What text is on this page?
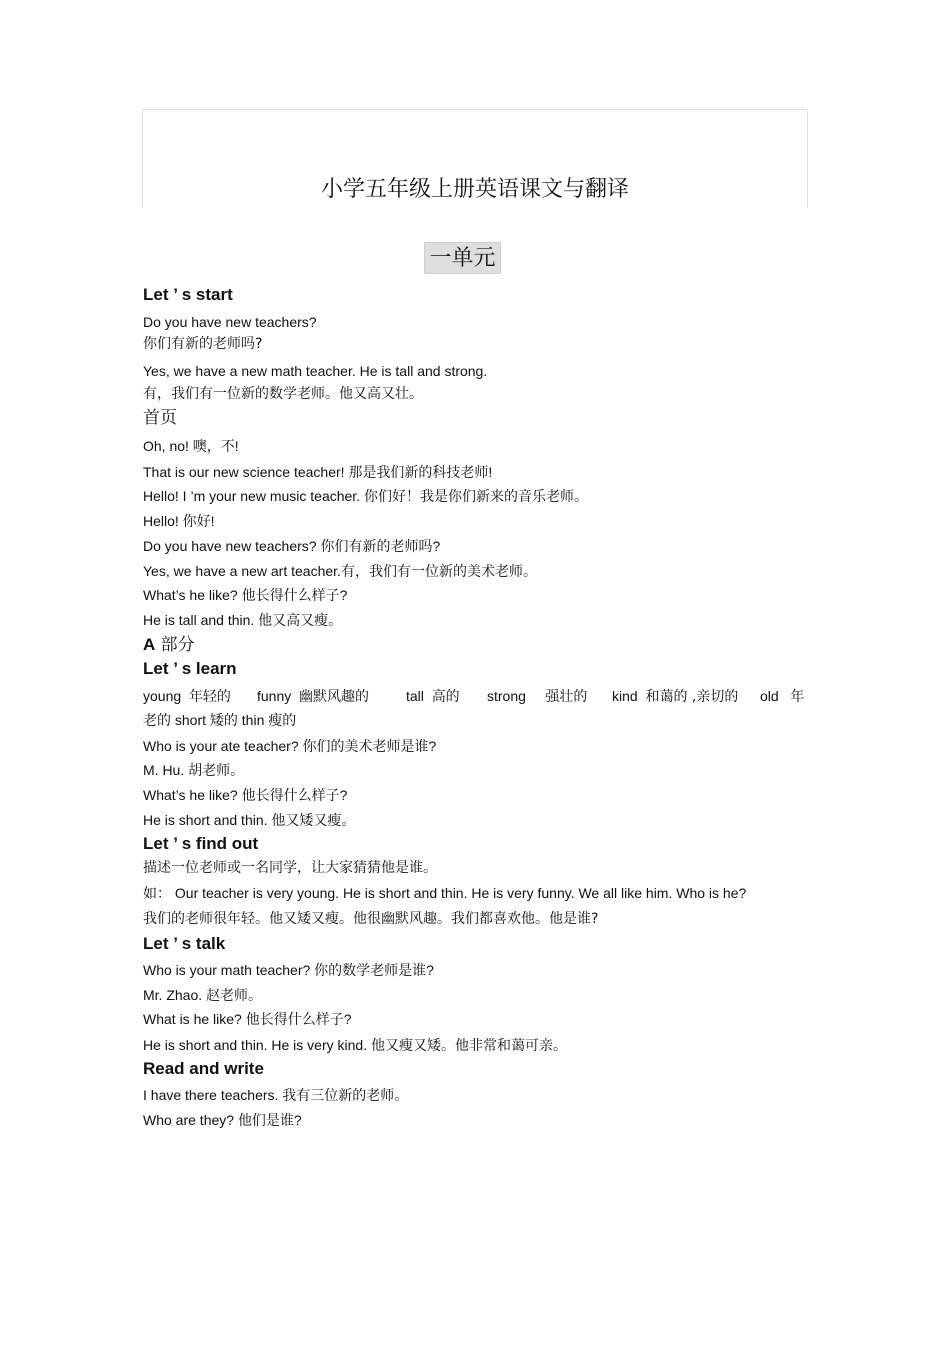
小学五年级上册英语课文与翻译
一单元
Let ’ s start
Do you have new teachers?
你们有新的老师吗?
Yes, we have a new math teacher. He is tall and strong.
有，我们有一位新的数学老师。他又高又壮。
首页
Oh, no! 噢，不!
That is our new science teacher! 那是我们新的科技老师!
Hello! I ’m your new music teacher. 你们好！我是你们新来的音乐老师。
Hello! 你好!
Do you have new teachers? 你们有新的老师吗?
Yes, we have a new art teacher.有，我们有一位新的美术老师。
What’s he like? 他长得什么样子?
He is tall and thin. 他又高又瘦。
A 部分
Let ’ s learn
young 年轻的 funny 幽默风趣的	tall 高的 strong 强壮的 kind 和蔼的 ,亲切的 old 年
老的 short 矮的 thin 瘦的
Who is your ate teacher? 你们的美术老师是谁?
M. Hu. 胡老师。
What’s he like? 他长得什么样子?
He is short and thin. 他又矮又瘦。
Let ’ s find out
描述一位老师或一名同学，让大家猜猜他是谁。
如： Our teacher is very young. He is short and thin. He is very funny. We all like him. Who is he?
我们的老师很年轻。他又矮又瘦。他很幽默风趣。我们都喜欢他。他是谁?
Let ’ s talk
Who is your math teacher? 你的数学老师是谁?
Mr. Zhao. 赵老师。
What is he like? 他长得什么样子?
He is short and thin. He is very kind. 他又瘦又矮。他非常和蔼可亲。
Read and write
I have there teachers. 我有三位新的老师。
Who are they? 他们是谁?
